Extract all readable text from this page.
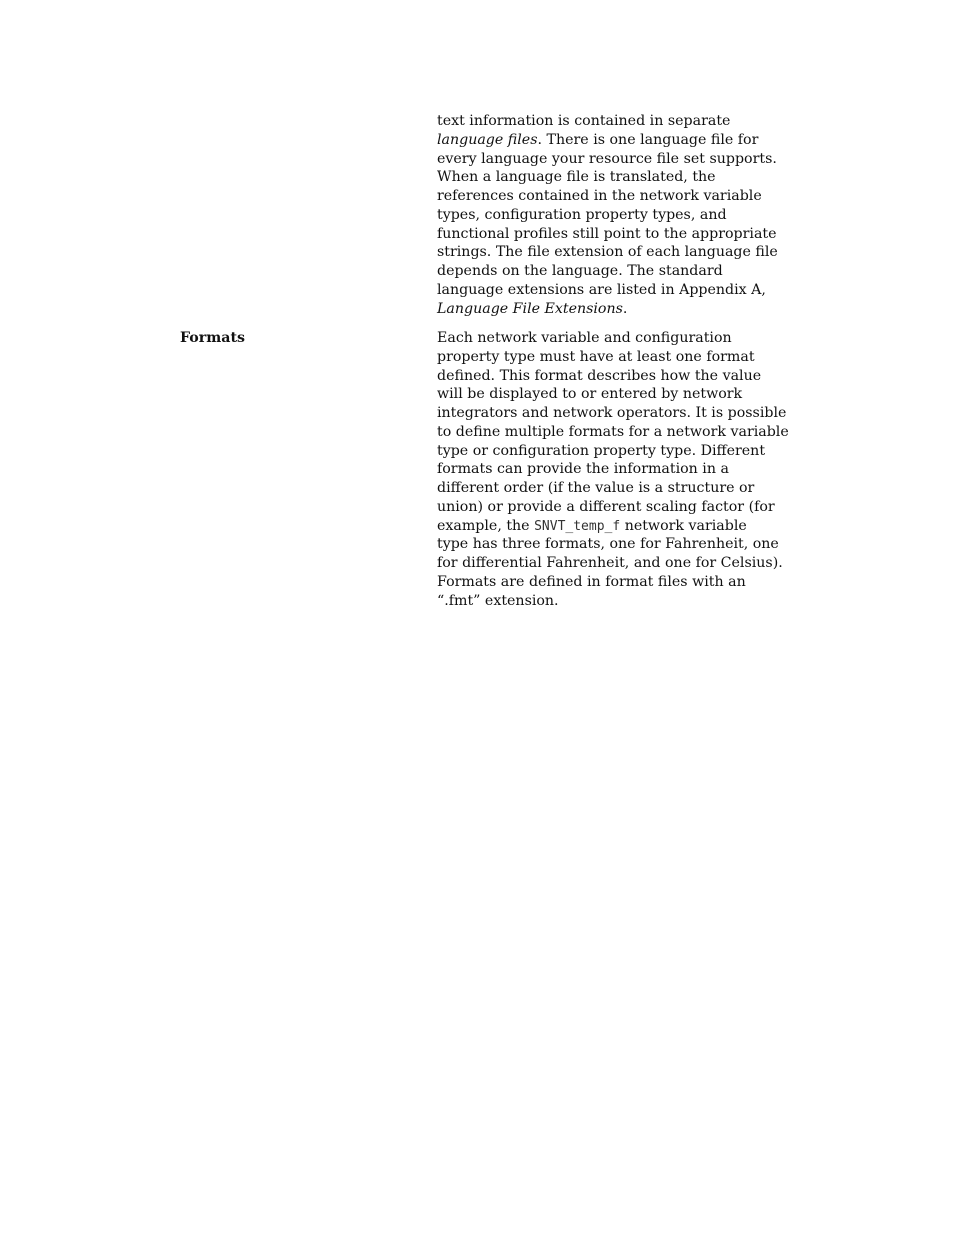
text information is contained in separate
language files. There is one language file for
every language your resource file set supports.
When a language file is translated, the
references contained in the network variable
types, configuration property types, and
functional profiles still point to the appropriate
strings. The file extension of each language file
depends on the language. The standard
language extensions are listed in Appendix A,
Language File Extensions.
Formats	Each network variable and configuration
property type must have at least one format
defined. This format describes how the value
will be displayed to or entered by network
integrators and network operators. It is possible
to define multiple formats for a network variable
type or configuration property type. Different
formats can provide the information in a
different order (if the value is a structure or
union) or provide a different scaling factor (for
example, the SNVT_temp_f network variable
type has three formats, one for Fahrenheit, one
for differential Fahrenheit, and one for Celsius).
Formats are defined in format files with an
“.fmt” extension.
